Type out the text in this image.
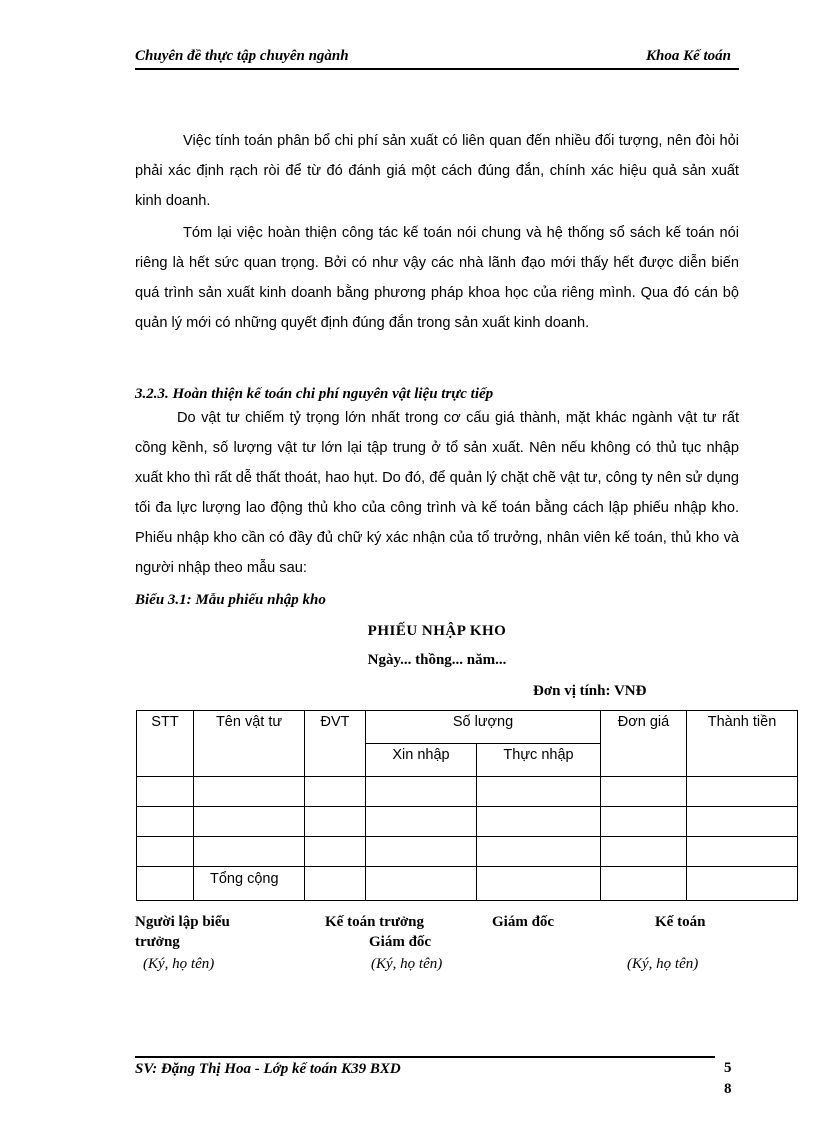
Chuyên đề thực tập chuyên ngành	Khoa Kế toán
Việc tính toán phân bổ chi phí sản xuất có liên quan đến nhiều đối tượng, nên đòi hỏi phải xác định rạch ròi để từ đó đánh giá một cách đúng đắn, chính xác hiệu quả sản xuất kinh doanh.
Tóm lại việc hoàn thiện công tác kế toán nói chung và hệ thống sổ sách kế toán nói riêng là hết sức quan trọng. Bởi có như vậy các nhà lãnh đạo mới thấy hết được diễn biến quá trình sản xuất kinh doanh bằng phương pháp khoa học của riêng mình. Qua đó cán bộ quản lý mới có những quyết định đúng đắn trong sản xuất kinh doanh.
3.2.3. Hoàn thiện kế toán chi phí nguyên vật liệu trực tiếp
Do vật tư chiếm tỷ trọng lớn nhất trong cơ cấu giá thành, mặt khác ngành vật tư rất cồng kềnh, số lượng vật tư lớn lại tập trung ở tổ sản xuất. Nên nếu không có thủ tục nhập xuất kho thì rất dễ thất thoát, hao hụt. Do đó, để quản lý chặt chẽ vật tư, công ty nên sử dụng tối đa lực lượng lao động thủ kho của công trình và kế toán bằng cách lập phiếu nhập kho. Phiếu nhập kho cần có đầy đủ chữ ký xác nhận của tổ trưởng, nhân viên kế toán, thủ kho và người nhập theo mẫu sau:
Biểu 3.1: Mẫu phiếu nhập kho
PHIẾU NHẬP KHO
Ngày... thồng... năm...
Đơn vị tính: VNĐ
STT	Tên vật tư	ĐVT	Số lượng		Đơn giá	Thành tiền
			Xin nhập	Thực nhập		

	Tổng cộng					
Người lập biểu
trưởng
Kế toán trưởng
Giám đốc
Giám đốc	Kế toán
(Ký, họ tên)	(Ký, họ tên)	(Ký, họ tên)
SV: Đặng Thị Hoa - Lớp kế toán K39 BXD	5
8
